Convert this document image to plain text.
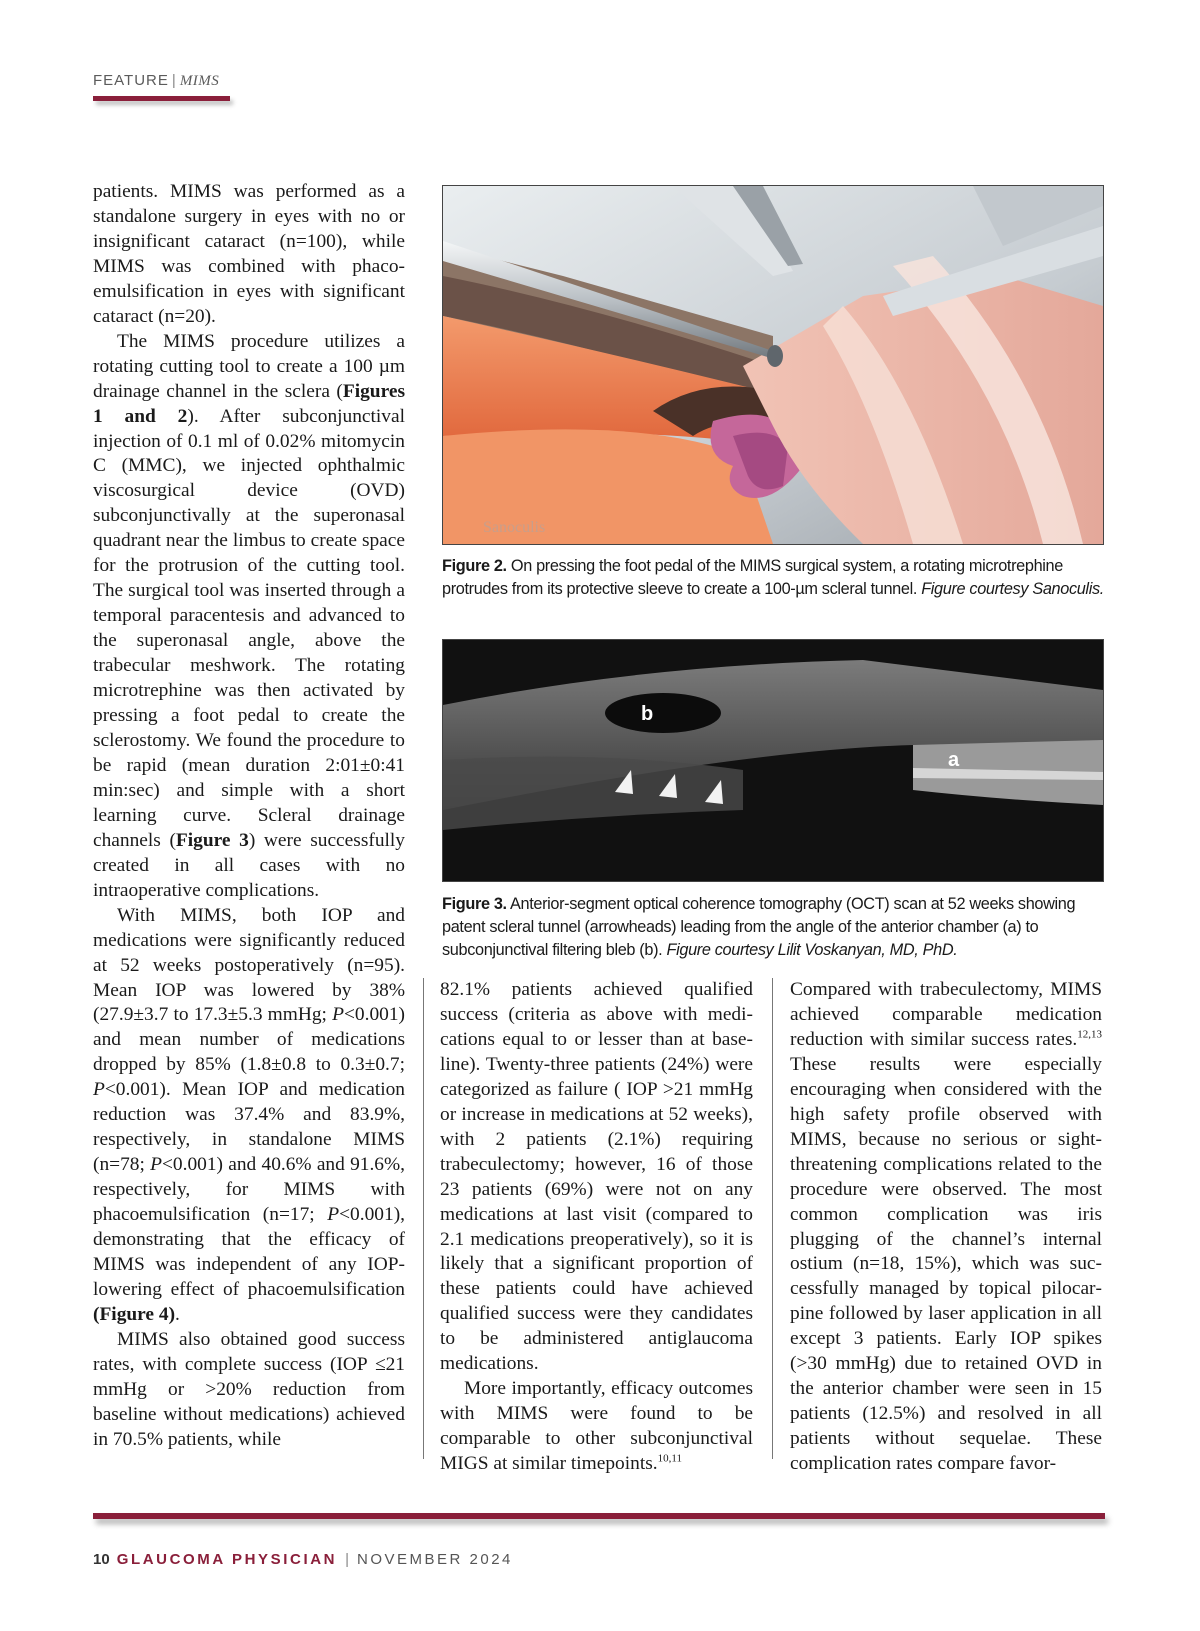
FEATURE | MIMS

patients. MIMS was performed as a standalone surgery in eyes with no or insignificant cataract (n=100), while MIMS was combined with phacoemulsification in eyes with significant cataract (n=20).

The MIMS procedure utilizes a rotating cutting tool to create a 100 µm drainage channel in the sclera (Figures 1 and 2). After subconjunctival injection of 0.1 ml of 0.02% mitomycin C (MMC), we injected ophthalmic viscosurgical device (OVD) subconjunctivally at the superonasal quadrant near the limbus to create space for the protrusion of the cutting tool. The surgical tool was inserted through a temporal paracentesis and advanced to the superonasal angle, above the trabecular meshwork. The rotating microtrephine was then activated by pressing a foot pedal to create the sclerostomy. We found the procedure to be rapid (mean duration 2:01±0:41 min:sec) and simple with a short learning curve. Scleral drainage channels (Figure 3) were successfully created in all cases with no intraoperative complications.

With MIMS, both IOP and medications were significantly reduced at 52 weeks postoperatively (n=95). Mean IOP was lowered by 38% (27.9±3.7 to 17.3±5.3 mmHg; P<0.001) and mean number of medications dropped by 85% (1.8±0.8 to 0.3±0.7; P<0.001). Mean IOP and medication reduction was 37.4% and 83.9%, respectively, in standalone MIMS (n=78; P<0.001) and 40.6% and 91.6%, respectively, for MIMS with phacoemulsification (n=17; P<0.001), demonstrating that the efficacy of MIMS was independent of any IOP-lowering effect of phacoemulsification (Figure 4).

MIMS also obtained good success rates, with complete success (IOP ≤21 mmHg or >20% reduction from baseline without medications) achieved in 70.5% patients, while

Sanoculis
Figure 2. On pressing the foot pedal of the MIMS surgical system, a rotating microtrephine protrudes from its protective sleeve to create a 100-µm scleral tunnel. Figure courtesy Sanoculis.
b
a
Figure 3. Anterior-segment optical coherence tomography (OCT) scan at 52 weeks showing patent scleral tunnel (arrowheads) leading from the angle of the anterior chamber (a) to subconjunctival filtering bleb (b). Figure courtesy Lilit Voskanyan, MD, PhD.

82.1% patients achieved qualified success (criteria as above with medications equal to or lesser than at baseline). Twenty-three patients (24%) were categorized as failure ( IOP >21 mmHg or increase in medications at 52 weeks), with 2 patients (2.1%) requiring trabeculectomy; however, 16 of those 23 patients (69%) were not on any medications at last visit (compared to 2.1 medications preoperatively), so it is likely that a significant proportion of these patients could have achieved qualified success were they candidates to be administered antiglaucoma medications.

More importantly, efficacy outcomes with MIMS were found to be comparable to other subconjunctival MIGS at similar timepoints.$^{10,11}$

Compared with trabeculectomy, MIMS achieved comparable medication reduction with similar success rates.$^{12,13}$ These results were especially encouraging when considered with the high safety profile observed with MIMS, because no serious or sight-threatening complications related to the procedure were observed. The most common complication was iris plugging of the channel’s internal ostium (n=18, 15%), which was successfully managed by topical pilocarpine followed by laser application in all except 3 patients. Early IOP spikes (>30 mmHg) due to retained OVD in the anterior chamber were seen in 15 patients (12.5%) and resolved in all patients without sequelae. These complication rates compare favor-

10 GLAUCOMA PHYSICIAN | NOVEMBER 2024
